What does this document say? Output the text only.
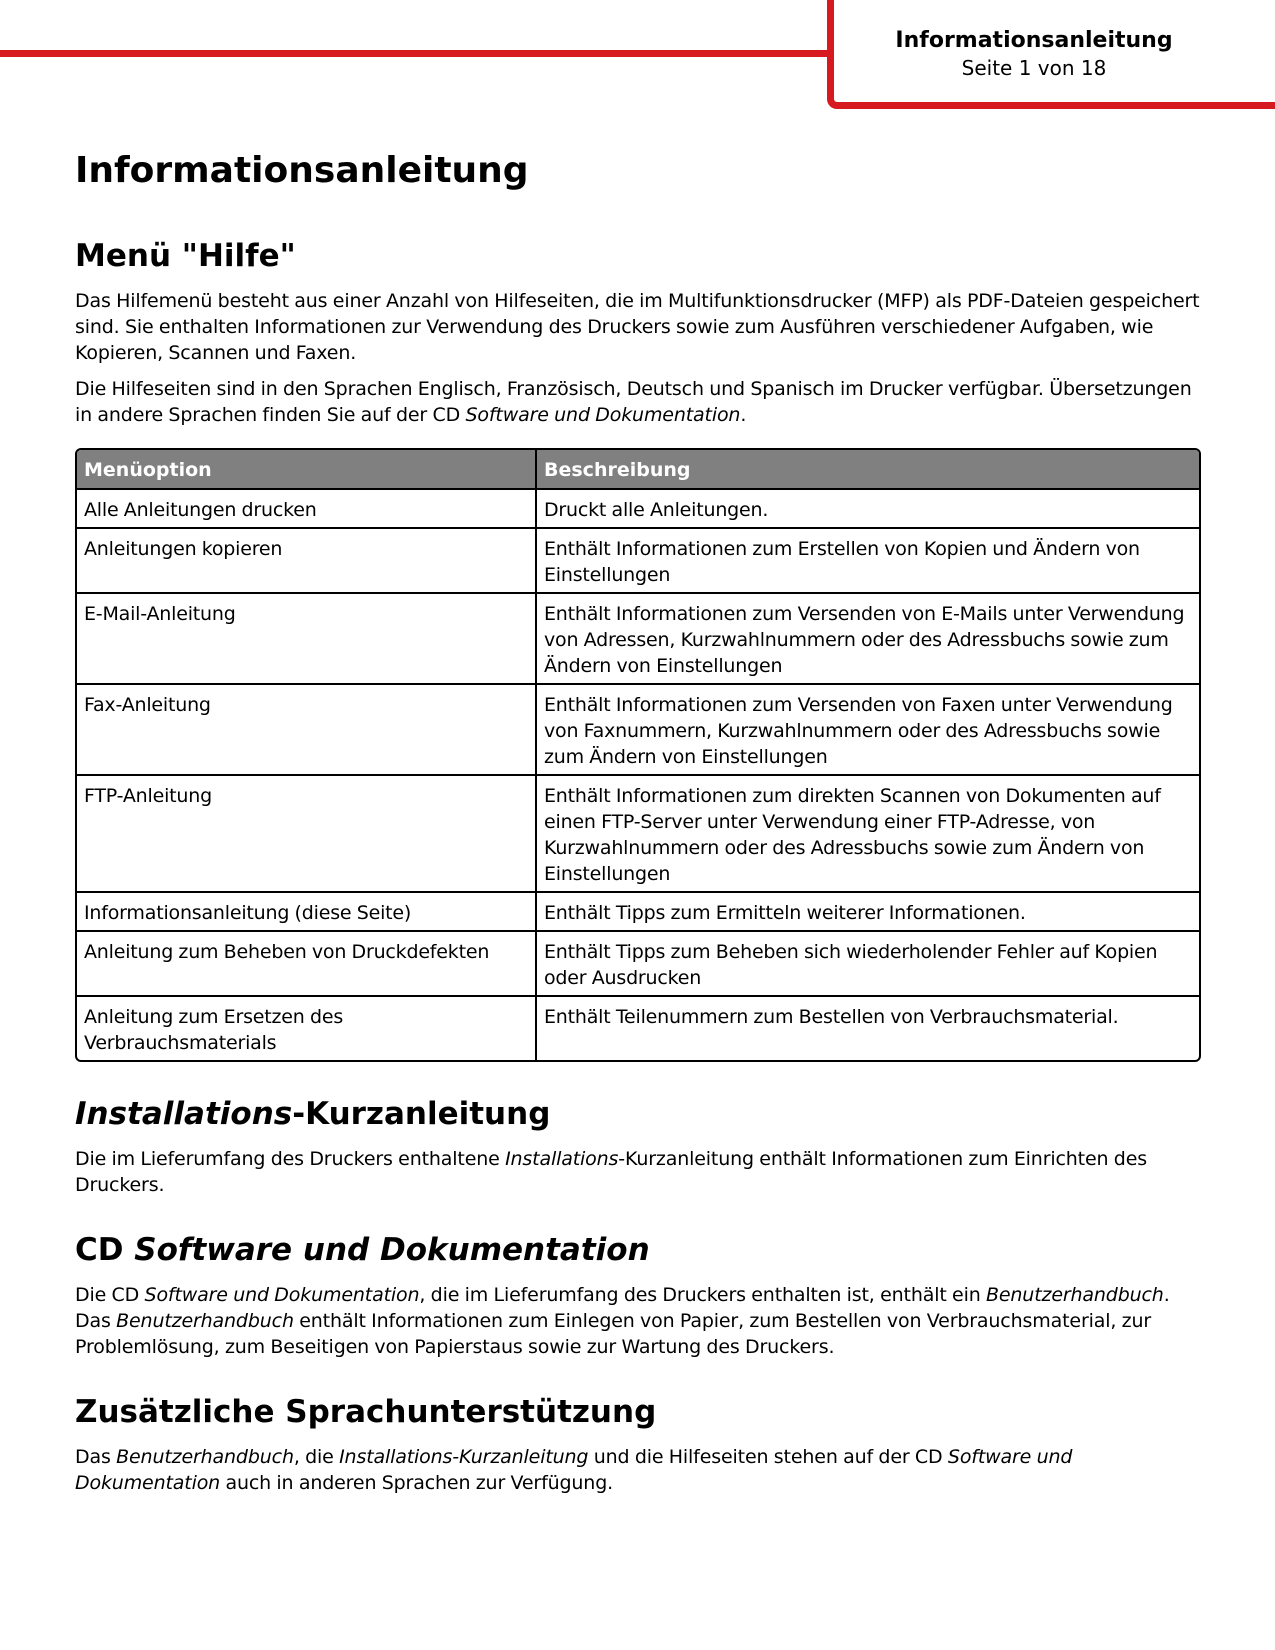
Informationsanleitung
Seite 1 von 18
Informationsanleitung
Menü "Hilfe"

Das Hilfemenü besteht aus einer Anzahl von Hilfeseiten, die im Multifunktionsdrucker (MFP) als PDF-Dateien gespeichert sind. Sie enthalten Informationen zur Verwendung des Druckers sowie zum Ausführen verschiedener Aufgaben, wie Kopieren, Scannen und Faxen.

Die Hilfeseiten sind in den Sprachen Englisch, Französisch, Deutsch und Spanisch im Drucker verfügbar. Übersetzungen in andere Sprachen finden Sie auf der CD Software und Dokumentation.

Menüoption	Beschreibung
Alle Anleitungen drucken	Druckt alle Anleitungen.
Anleitungen kopieren	Enthält Informationen zum Erstellen von Kopien und Ändern von Einstellungen
E-Mail-Anleitung	Enthält Informationen zum Versenden von E-Mails unter Verwendung von Adressen, Kurzwahlnummern oder des Adressbuchs sowie zum Ändern von Einstellungen
Fax-Anleitung	Enthält Informationen zum Versenden von Faxen unter Verwendung von Faxnummern, Kurzwahlnummern oder des Adressbuchs sowie zum Ändern von Einstellungen
FTP-Anleitung	Enthält Informationen zum direkten Scannen von Dokumenten auf einen FTP-Server unter Verwendung einer FTP-Adresse, von Kurzwahlnummern oder des Adressbuchs sowie zum Ändern von Einstellungen
Informationsanleitung (diese Seite)	Enthält Tipps zum Ermitteln weiterer Informationen.
Anleitung zum Beheben von Druckdefekten	Enthält Tipps zum Beheben sich wiederholender Fehler auf Kopien oder Ausdrucken
Anleitung zum Ersetzen des Verbrauchsmaterials	Enthält Teilenummern zum Bestellen von Verbrauchsmaterial.
Installations-Kurzanleitung

Die im Lieferumfang des Druckers enthaltene Installations-Kurzanleitung enthält Informationen zum Einrichten des Druckers.

CD Software und Dokumentation

Die CD Software und Dokumentation, die im Lieferumfang des Druckers enthalten ist, enthält ein Benutzerhandbuch. Das Benutzerhandbuch enthält Informationen zum Einlegen von Papier, zum Bestellen von Verbrauchsmaterial, zur Problemlösung, zum Beseitigen von Papierstaus sowie zur Wartung des Druckers.

Zusätzliche Sprachunterstützung

Das Benutzerhandbuch, die Installations-Kurzanleitung und die Hilfeseiten stehen auf der CD Software und Dokumentation auch in anderen Sprachen zur Verfügung.
